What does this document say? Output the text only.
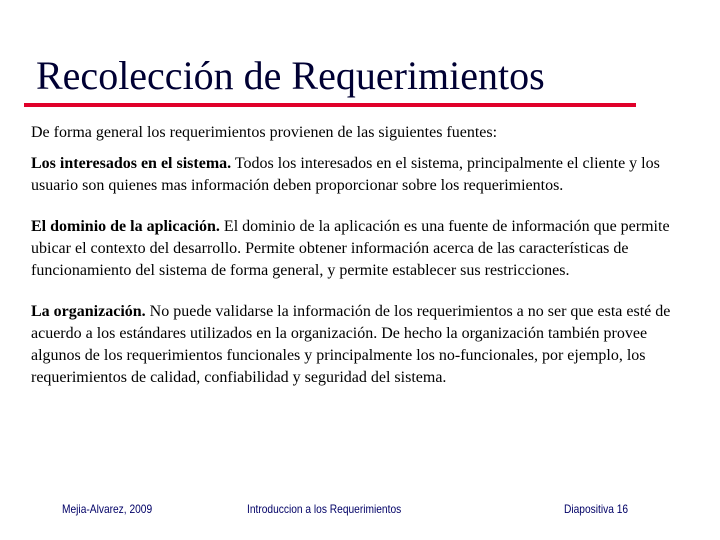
Recolección de Requerimientos

De forma general los requerimientos provienen de las siguientes fuentes:

Los interesados en el sistema. Todos los interesados en el sistema, principalmente el cliente y los usuario son quienes mas información deben proporcionar sobre los requerimientos.

El dominio de la aplicación. El dominio de la aplicación es una fuente de información que permite ubicar el contexto del desarrollo. Permite obtener información acerca de las características de funcionamiento del sistema de forma general, y permite establecer sus restricciones.

La organización. No puede validarse la información de los requerimientos a no ser que esta esté de acuerdo a los estándares utilizados en la organización. De hecho la organización también provee algunos de los requerimientos funcionales y principalmente los no-funcionales, por ejemplo, los requerimientos de calidad, confiabilidad y seguridad del sistema.

Mejia-Alvarez, 2009	Introduccion a los Requerimientos	Diapositiva 16
